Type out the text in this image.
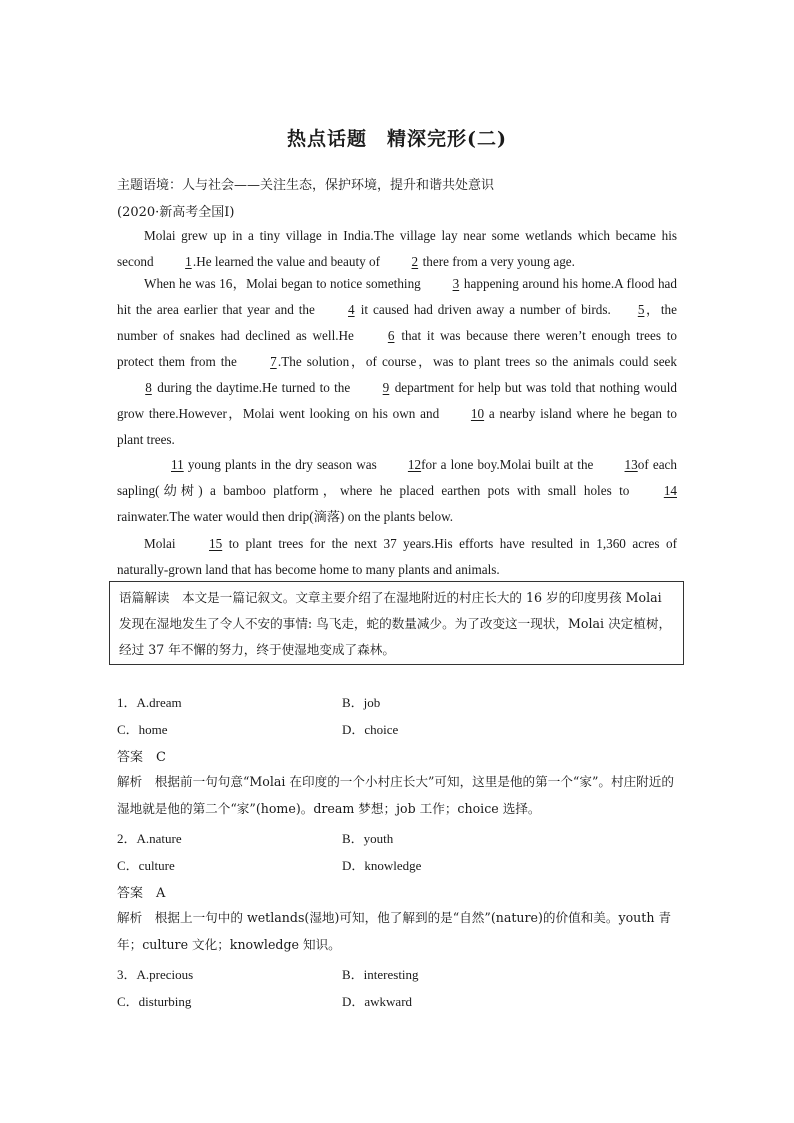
热点话题　精深完形(二)
主题语境：人与社会——关注生态，保护环境，提升和谐共处意识
(2020·新高考全国Ⅰ)
Molai grew up in a tiny village in India.The village lay near some wetlands which became his second 1.He learned the value and beauty of 2 there from a very young age.
When he was 16，Molai began to notice something 3 happening around his home.A flood had hit the area earlier that year and the 4 it caused had driven away a number of birds. 5，the number of snakes had declined as well.He 6 that it was because there weren’t enough trees to protect them from the 7.The solution，of course，was to plant trees so the animals could seek 8 during the daytime.He turned to the 9 department for help but was told that nothing would grow there.However，Molai went looking on his own and 10 a nearby island where he began to plant trees.
11 young plants in the dry season was 12for a lone boy.Molai built at the 13of each sapling(幼树) a bamboo platform，where he placed earthen pots with small holes to 14rainwater.The water would then drip(滴落) on the plants below.
Molai 15 to plant trees for the next 37 years.His efforts have resulted in 1,360 acres of naturally-grown land that has become home to many plants and animals.
语篇解读　本文是一篇记叙文。文章主要介绍了在湿地附近的村庄长大的 16 岁的印度男孩 Molai 发现在湿地发生了令人不安的事情: 鸟飞走，蛇的数量减少。为了改变这一现状，Molai 决定植树，经过 37 年不懈的努力，终于使湿地变成了森林。
1．A.dream	B．job
C．home	D．choice
答案　C
解析　根据前一句句意“Molai 在印度的一个小村庄长大”可知，这里是他的第一个“家”。村庄附近的湿地就是他的第二个“家”(home)。dream 梦想；job 工作；choice 选择。
2．A.nature	B．youth
C．culture	D．knowledge
答案　A
解析　根据上一句中的 wetlands(湿地)可知，他了解到的是“自然”(nature)的价值和美。youth 青年；culture 文化；knowledge 知识。
3．A.precious	B．interesting
C．disturbing	D．awkward
